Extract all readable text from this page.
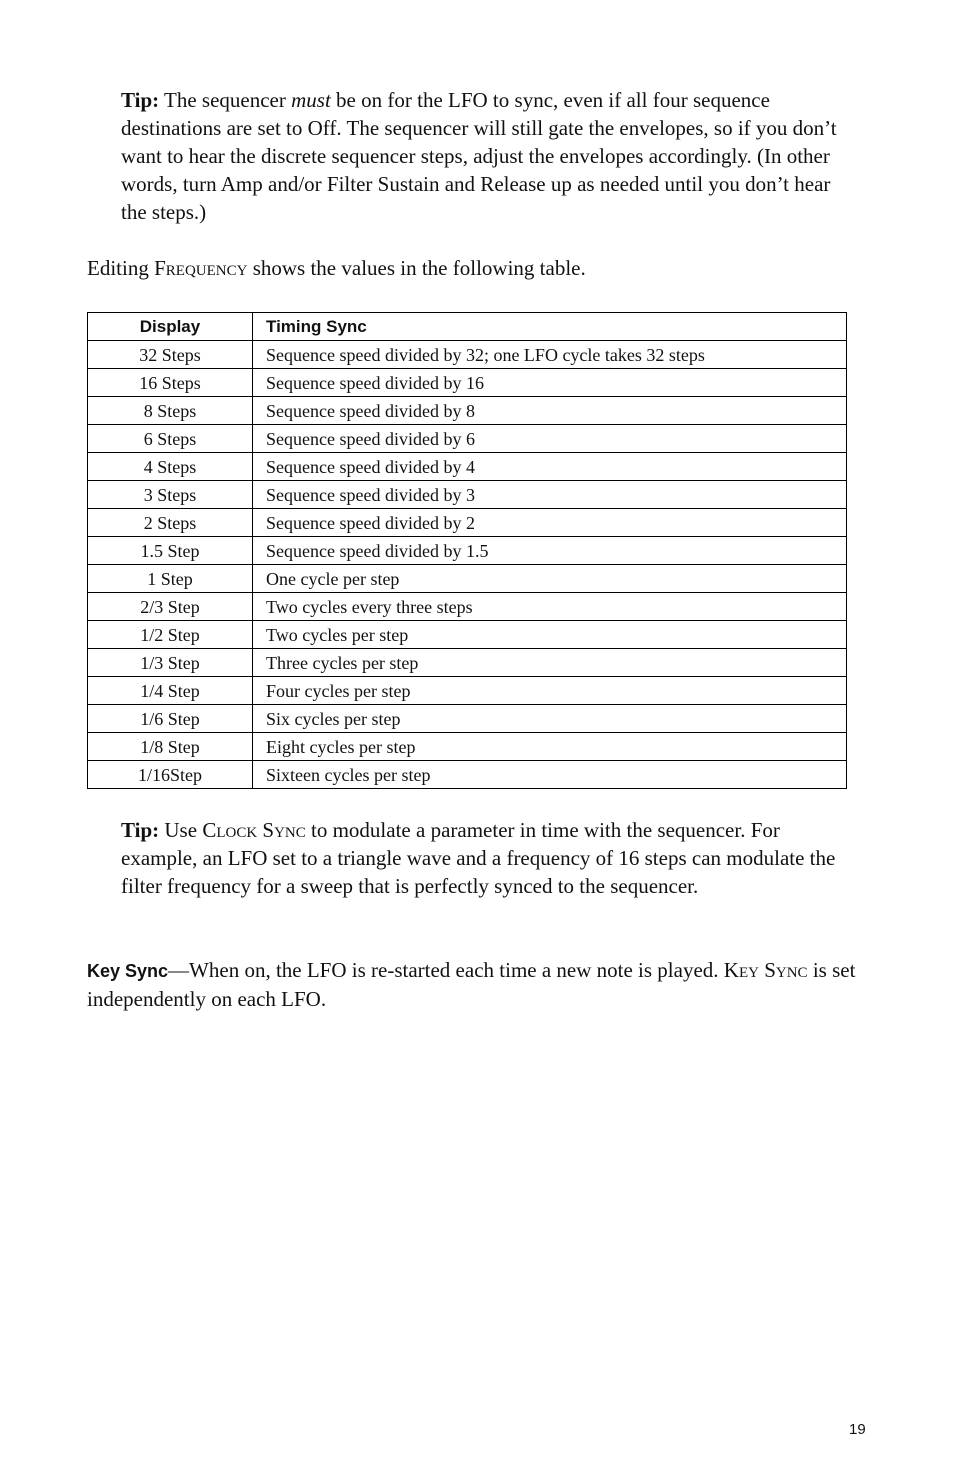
Tip: The sequencer must be on for the LFO to sync, even if all four sequence destinations are set to Off. The sequencer will still gate the envelopes, so if you don’t want to hear the discrete sequencer steps, adjust the envelopes accordingly. (In other words, turn Amp and/or Filter Sustain and Release up as needed until you don’t hear the steps.)
Editing Frequency shows the values in the following table.
Display	Timing Sync
32 Steps	Sequence speed divided by 32; one LFO cycle takes 32 steps
16 Steps	Sequence speed divided by 16
8 Steps	Sequence speed divided by 8
6 Steps	Sequence speed divided by 6
4 Steps	Sequence speed divided by 4
3 Steps	Sequence speed divided by 3
2 Steps	Sequence speed divided by 2
1.5 Step	Sequence speed divided by 1.5
1 Step	One cycle per step
2/3 Step	Two cycles every three steps
1/2 Step	Two cycles per step
1/3 Step	Three cycles per step
1/4 Step	Four cycles per step
1/6 Step	Six cycles per step
1/8 Step	Eight cycles per step
1/16Step	Sixteen cycles per step
Tip: Use Clock Sync to modulate a parameter in time with the sequencer. For example, an LFO set to a triangle wave and a frequency of 16 steps can modulate the filter frequency for a sweep that is perfectly synced to the sequencer.
Key Sync—When on, the LFO is re-started each time a new note is played. Key Sync is set independently on each LFO.
19
